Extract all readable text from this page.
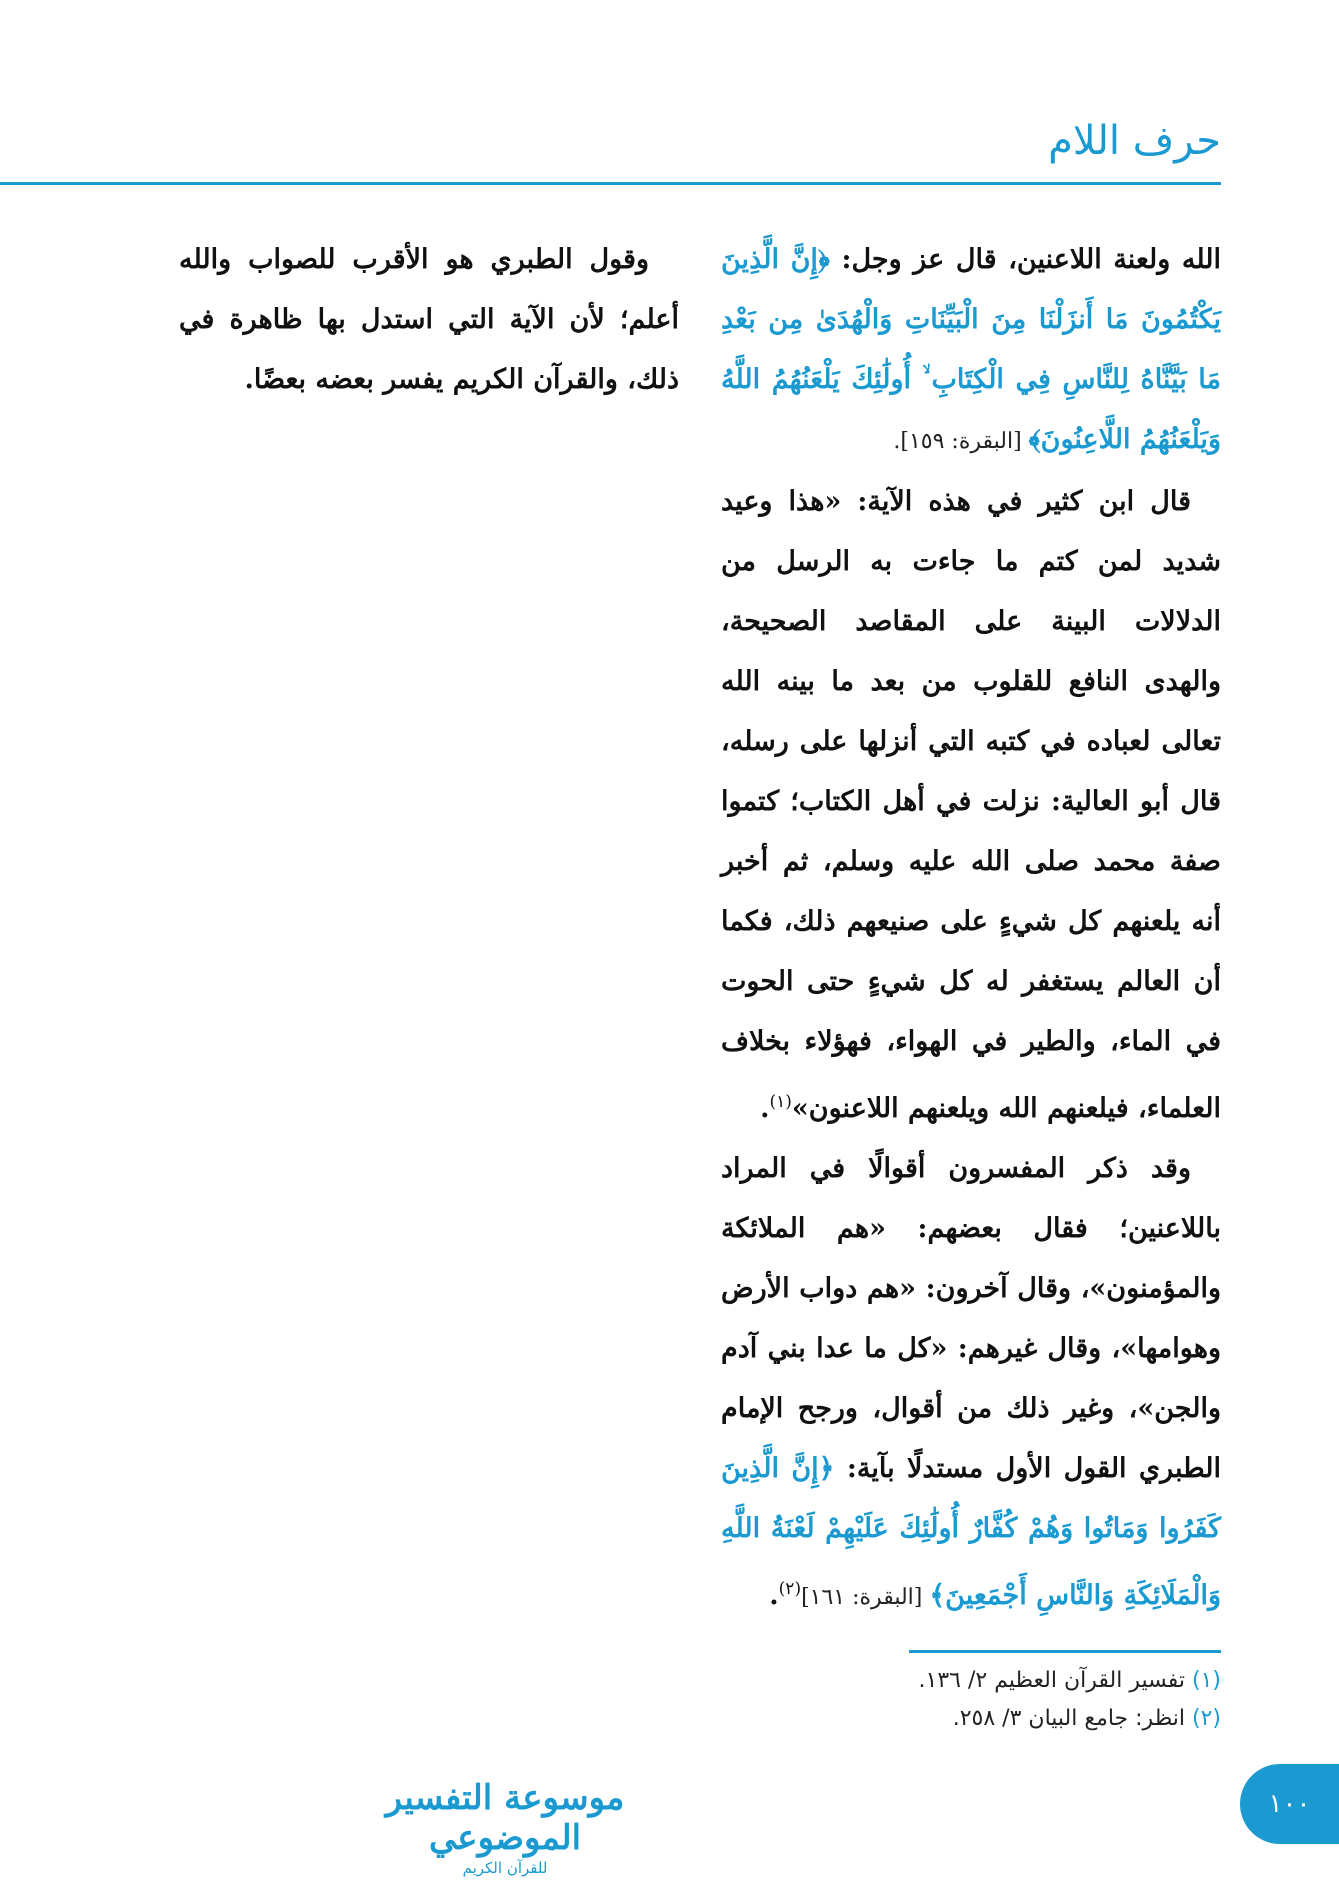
حرف اللام

الله ولعنة اللاعنين، قال عز وجل: ﴿إِنَّ الَّذِينَ يَكْتُمُونَ مَا أَنزَلْنَا مِنَ الْبَيِّنَاتِ وَالْهُدَىٰ مِن بَعْدِ مَا بَيَّنَّاهُ لِلنَّاسِ فِي الْكِتَابِ ۙ أُولَٰئِكَ يَلْعَنُهُمُ اللَّهُ وَيَلْعَنُهُمُ اللَّاعِنُونَ﴾ [البقرة: ١٥٩].

قال ابن كثير في هذه الآية: «هذا وعيد شديد لمن كتم ما جاءت به الرسل من الدلالات البينة على المقاصد الصحيحة، والهدى النافع للقلوب من بعد ما بينه الله تعالى لعباده في كتبه التي أنزلها على رسله، قال أبو العالية: نزلت في أهل الكتاب؛ كتموا صفة محمد صلى الله عليه وسلم، ثم أخبر أنه يلعنهم كل شيءٍ على صنيعهم ذلك، فكما أن العالم يستغفر له كل شيءٍ حتى الحوت في الماء، والطير في الهواء، فهؤلاء بخلاف العلماء، فيلعنهم الله ويلعنهم اللاعنون»$^{(١)}$.

وقد ذكر المفسرون أقوالًا في المراد باللاعنين؛ فقال بعضهم: «هم الملائكة والمؤمنون»، وقال آخرون: «هم دواب الأرض وهوامها»، وقال غيرهم: «كل ما عدا بني آدم والجن»، وغير ذلك من أقوال، ورجح الإمام الطبري القول الأول مستدلًا بآية: ﴿إِنَّ الَّذِينَ كَفَرُوا وَمَاتُوا وَهُمْ كُفَّارٌ أُولَٰئِكَ عَلَيْهِمْ لَعْنَةُ اللَّهِ وَالْمَلَائِكَةِ وَالنَّاسِ أَجْمَعِينَ﴾ [البقرة: ١٦١]$^{(٢)}$.

وقول الطبري هو الأقرب للصواب والله أعلم؛ لأن الآية التي استدل بها ظاهرة في ذلك، والقرآن الكريم يفسر بعضه بعضًا.

(١) تفسير القرآن العظيم ٢/ ١٣٦.
(٢) انظر: جامع البيان ٣/ ٢٥٨.
موسوعة التفسير الموضوعي
للقرآن الكريم
١٠٠
